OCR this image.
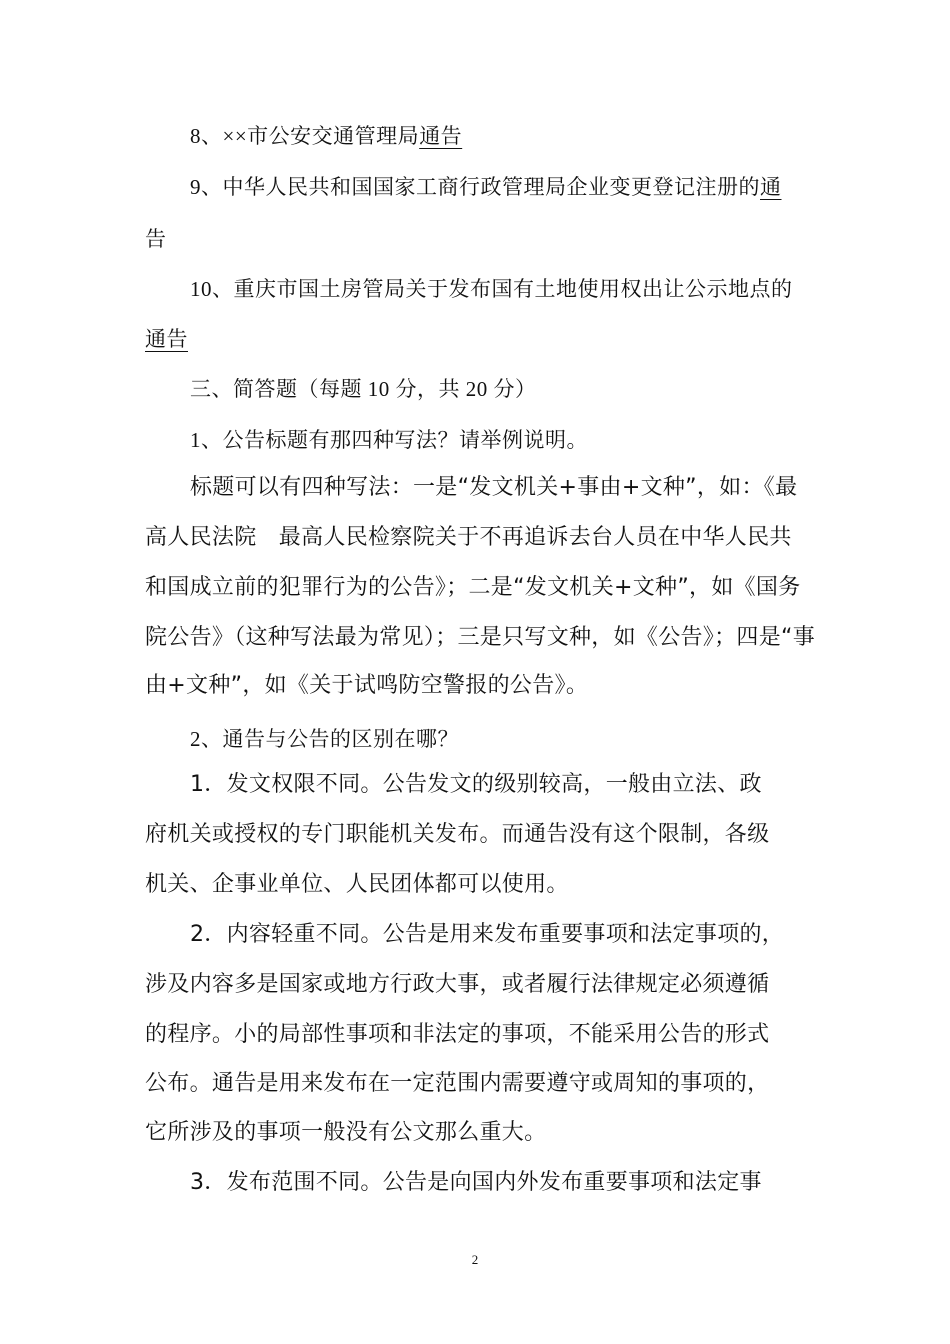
8、××市公安交通管理局通告
9、中华人民共和国国家工商行政管理局企业变更登记注册的通
告
10、重庆市国土房管局关于发布国有土地使用权出让公示地点的
通告
三、简答题（每题 10 分，共 20 分）
1、公告标题有那四种写法？请举例说明。
标题可以有四种写法：一是“发文机关+事由+文种”，如：《最
高人民法院　最高人民检察院关于不再追诉去台人员在中华人民共
和国成立前的犯罪行为的公告》；二是“发文机关+文种”，如《国务
院公告》（这种写法最为常见）；三是只写文种，如《公告》；四是“事
由+文种”，如《关于试鸣防空警报的公告》。
2、通告与公告的区别在哪？
1．发文权限不同。公告发文的级别较高，一般由立法、政
府机关或授权的专门职能机关发布。而通告没有这个限制，各级
机关、企事业单位、人民团体都可以使用。
2．内容轻重不同。公告是用来发布重要事项和法定事项的，
涉及内容多是国家或地方行政大事，或者履行法律规定必须遵循
的程序。小的局部性事项和非法定的事项，不能采用公告的形式
公布。通告是用来发布在一定范围内需要遵守或周知的事项的，
它所涉及的事项一般没有公文那么重大。
3．发布范围不同。公告是向国内外发布重要事项和法定事
2
